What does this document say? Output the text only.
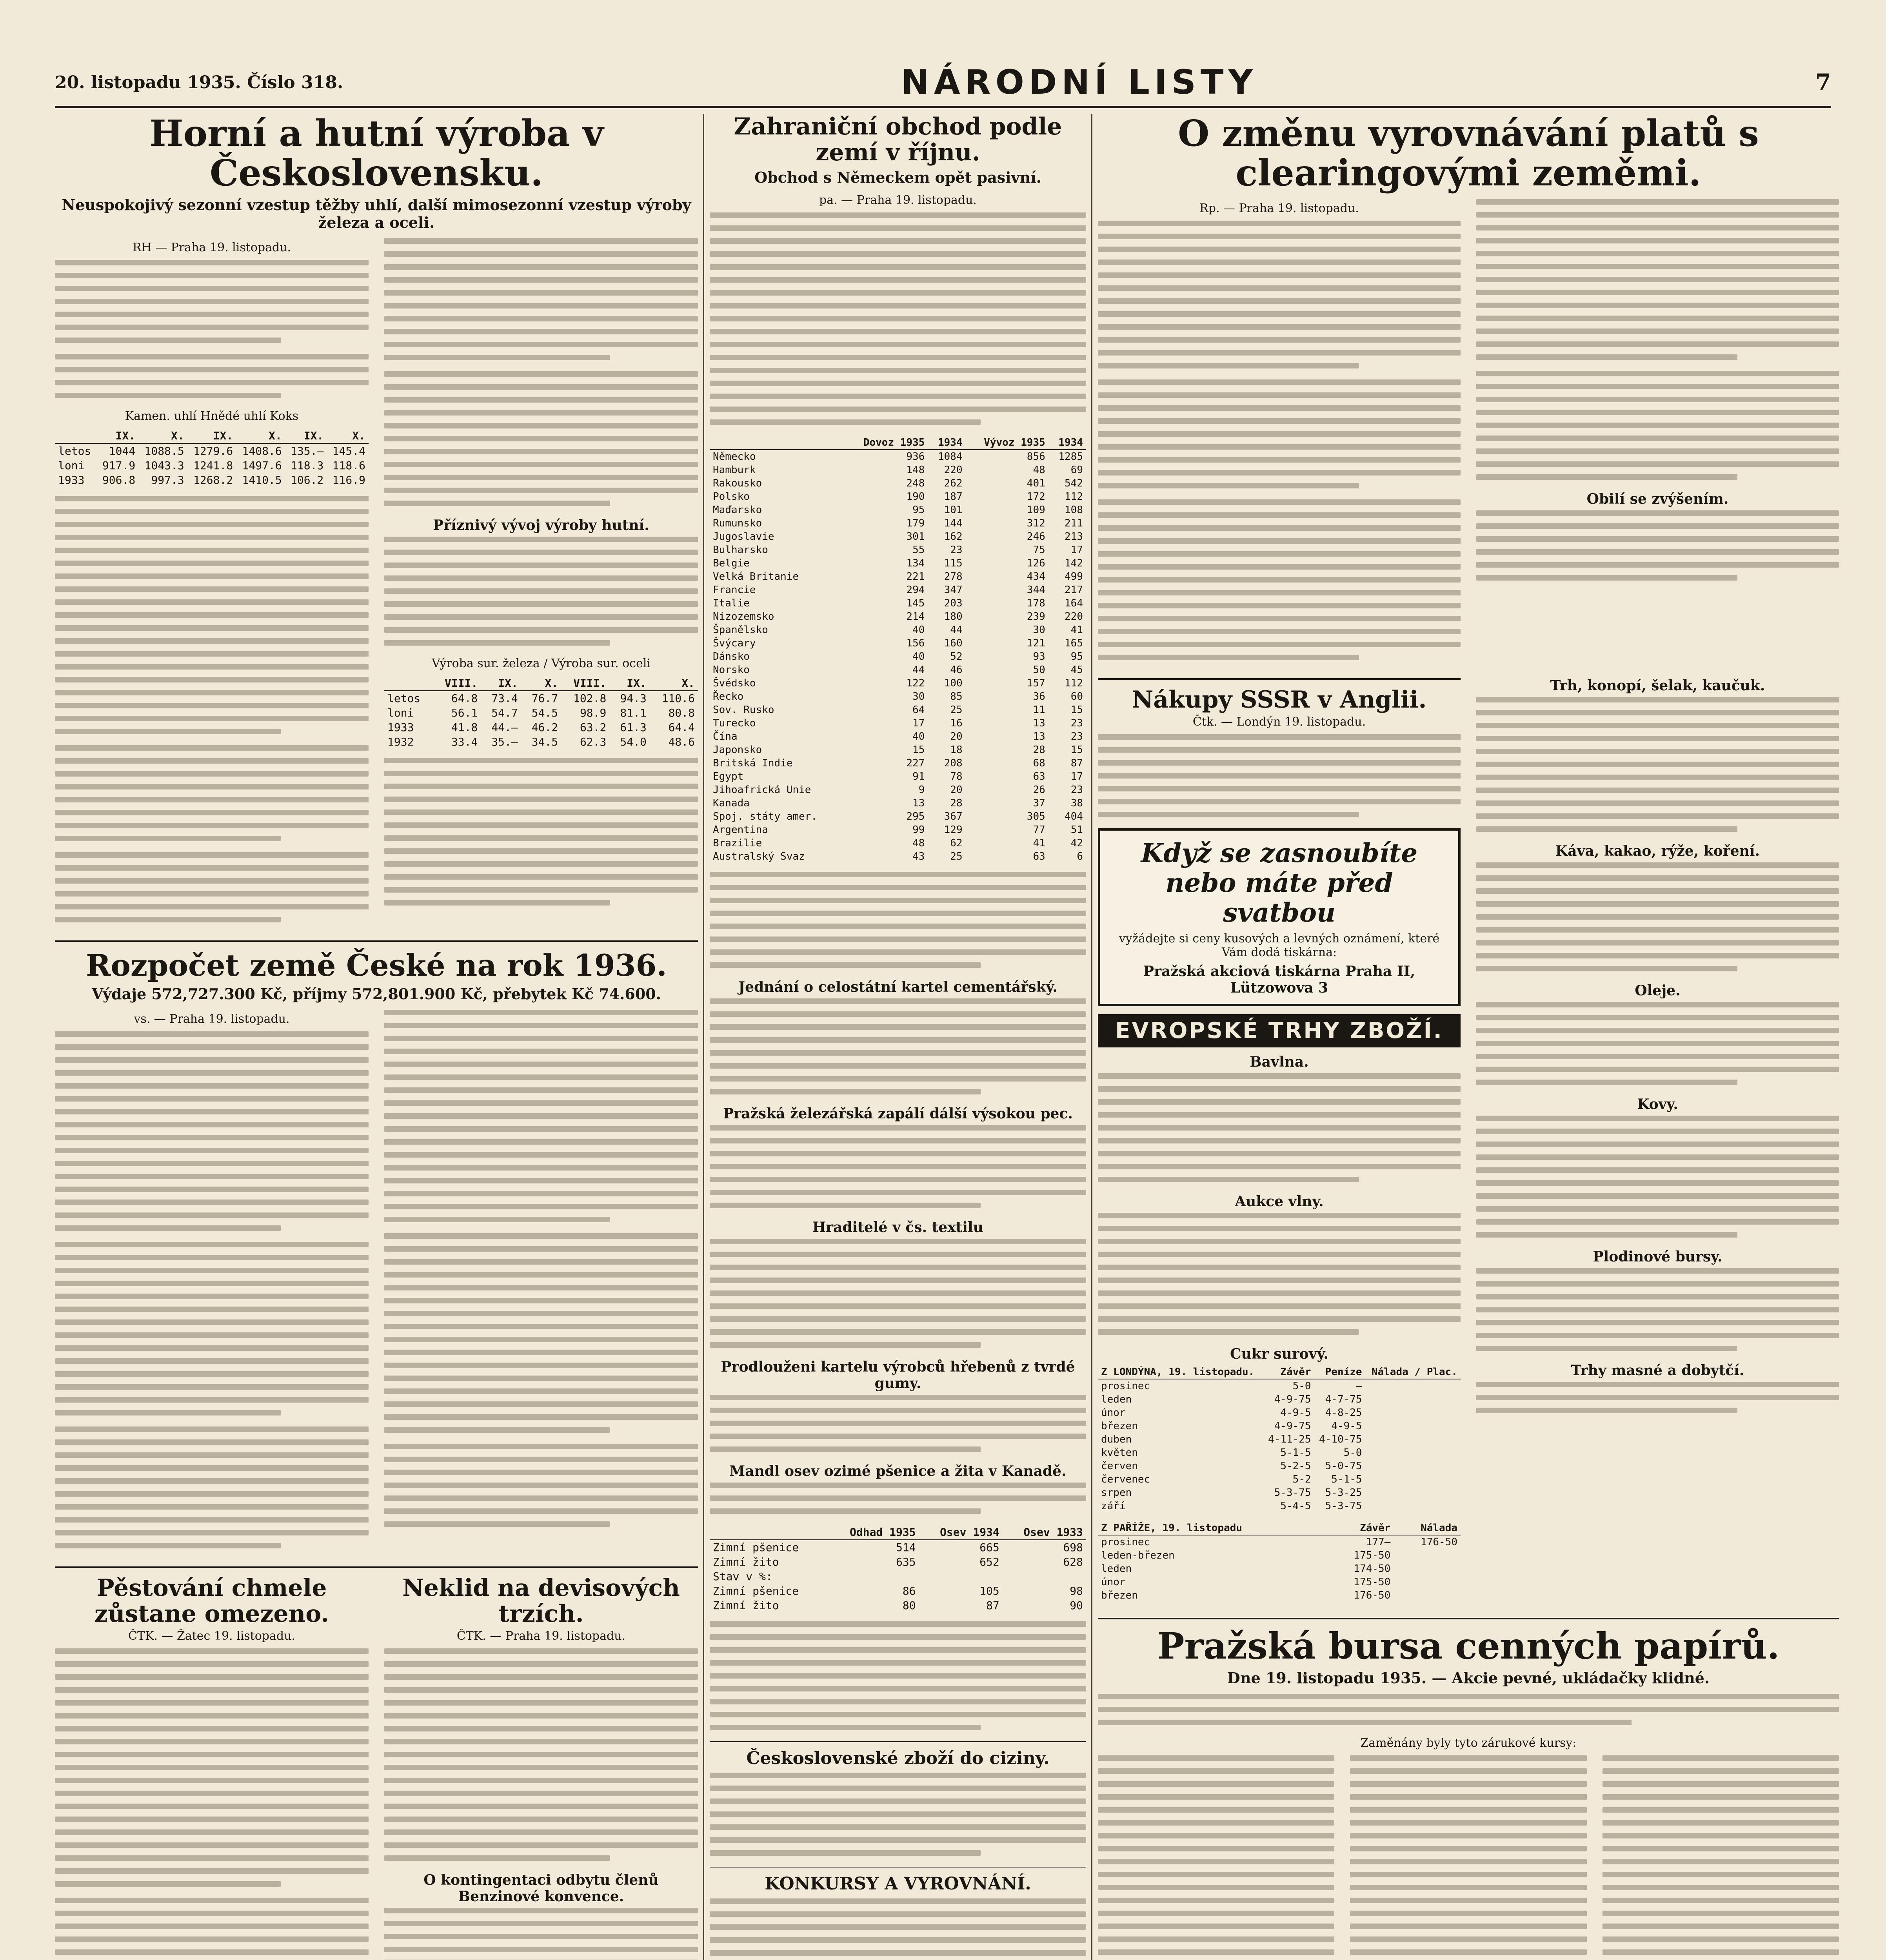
20. listopadu 1935. Číslo 318.	NÁRODNÍ LISTY	7
Horní a hutní výroba v Československu.
Neuspokojivý sezonní vzestup těžby uhlí, další mimosezonní vzestup výroby železa a oceli.
RH — Praha 19. listopadu.
Kamen. uhlí Hnědé uhlí Koks
	IX.	X.	IX.	X.	IX.	X.
letos	1044	1088.5	1279.6	1408.6	135.—	145.4
loni	917.9	1043.3	1241.8	1497.6	118.3	118.6
1933	906.8	997.3	1268.2	1410.5	106.2	116.9
Příznivý vývoj výroby hutní.
Výroba sur. železa / Výroba sur. oceli
	VIII.	IX.	X.	VIII.	IX.	X.
letos	64.8	73.4	76.7	102.8	94.3	110.6
loni	56.1	54.7	54.5	98.9	81.1	80.8
1933	41.8	44.—	46.2	63.2	61.3	64.4
1932	33.4	35.—	34.5	62.3	54.0	48.6
Rozpočet země České na rok 1936.
Výdaje 572,727.300 Kč, příjmy 572,801.900 Kč, přebytek Kč 74.600.
vs. — Praha 19. listopadu.
Pěstování chmele zůstane omezeno.
ČTK. — Žatec 19. listopadu.
Neklid na devisových trzích.
ČTK. — Praha 19. listopadu.
O kontingentaci odbytu členů Benzinové konvence.
Zahraniční obchod podle zemí v říjnu.
Obchod s Německem opět pasivní.
pa. — Praha 19. listopadu.
	Dovoz 1935	1934	Vývoz 1935	1934
Německo	936	1084	856	1285
Hamburk	148	220	48	69
Rakousko	248	262	401	542
Polsko	190	187	172	112
Maďarsko	95	101	109	108
Rumunsko	179	144	312	211
Jugoslavie	301	162	246	213
Bulharsko	55	23	75	17
Belgie	134	115	126	142
Velká Britanie	221	278	434	499
Francie	294	347	344	217
Italie	145	203	178	164
Nizozemsko	214	180	239	220
Španělsko	40	44	30	41
Švýcary	156	160	121	165
Dánsko	40	52	93	95
Norsko	44	46	50	45
Švédsko	122	100	157	112
Řecko	30	85	36	60
Sov. Rusko	64	25	11	15
Turecko	17	16	13	23
Čína	40	20	13	23
Japonsko	15	18	28	15
Britská Indie	227	208	68	87
Egypt	91	78	63	17
Jihoafrická Unie	9	20	26	23
Kanada	13	28	37	38
Spoj. státy amer.	295	367	305	404
Argentina	99	129	77	51
Brazilie	48	62	41	42
Australský Svaz	43	25	63	6
Jednání o celostátní kartel cementářský.
Pražská železářská zapálí dálší výsokou pec.
Hraditelé v čs. textilu
Prodlouženi kartelu výrobců hřebenů z tvrdé gumy.
Mandl osev ozimé pšenice a žita v Kanadě.
	Odhad 1935	Osev 1934	Osev 1933
Zimní pšenice	514	665	698
Zimní žito	635	652	628
Stav v %:			
Zimní pšenice	86	105	98
Zimní žito	80	87	90
Československé zboží do ciziny.
KONKURSY A VYROVNÁNÍ.
O změnu vyrovnávání platů s clearingovými zeměmi.
Rp. — Praha 19. listopadu.
Obilí se zvýšením.
Nákupy SSSR v Anglii.
Čtk. — Londýn 19. listopadu.
Když se zasnoubíte
nebo máte před svatbou
vyžádejte si ceny kusových a levných oznámení, které Vám dodá tiskárna:
Pražská akciová tiskárna Praha II, Lützowova 3
EVROPSKÉ TRHY ZBOŽÍ.
Bavlna.
Aukce vlny.
Cukr surový.
Z LONDÝNA, 19. listopadu.	Závěr	Peníze	Nálada / Plac.
prosinec	5-0	—	
leden	4-9-75	4-7-75	
únor	4-9-5	4-8-25	
březen	4-9-75	4-9-5	
duben	4-11-25	4-10-75	
květen	5-1-5	5-0	
červen	5-2-5	5-0-75	
červenec	5-2	5-1-5	
srpen	5-3-75	5-3-25	
září	5-4-5	5-3-75	
Z PAŘÍŽE, 19. listopadu	Závěr	Nálada
prosinec	177—	176-50
leden-březen	175-50	
leden	174-50	
únor	175-50	
březen	176-50	
Trh, konopí, šelak, kaučuk.
Káva, kakao, rýže, koření.
Oleje.
Kovy.
Plodinové bursy.
Trhy masné a dobytčí.
Pražská bursa cenných papírů.
Dne 19. listopadu 1935. — Akcie pevné, ukládačky klidné.
Zaměnány byly tyto zárukové kursy:
